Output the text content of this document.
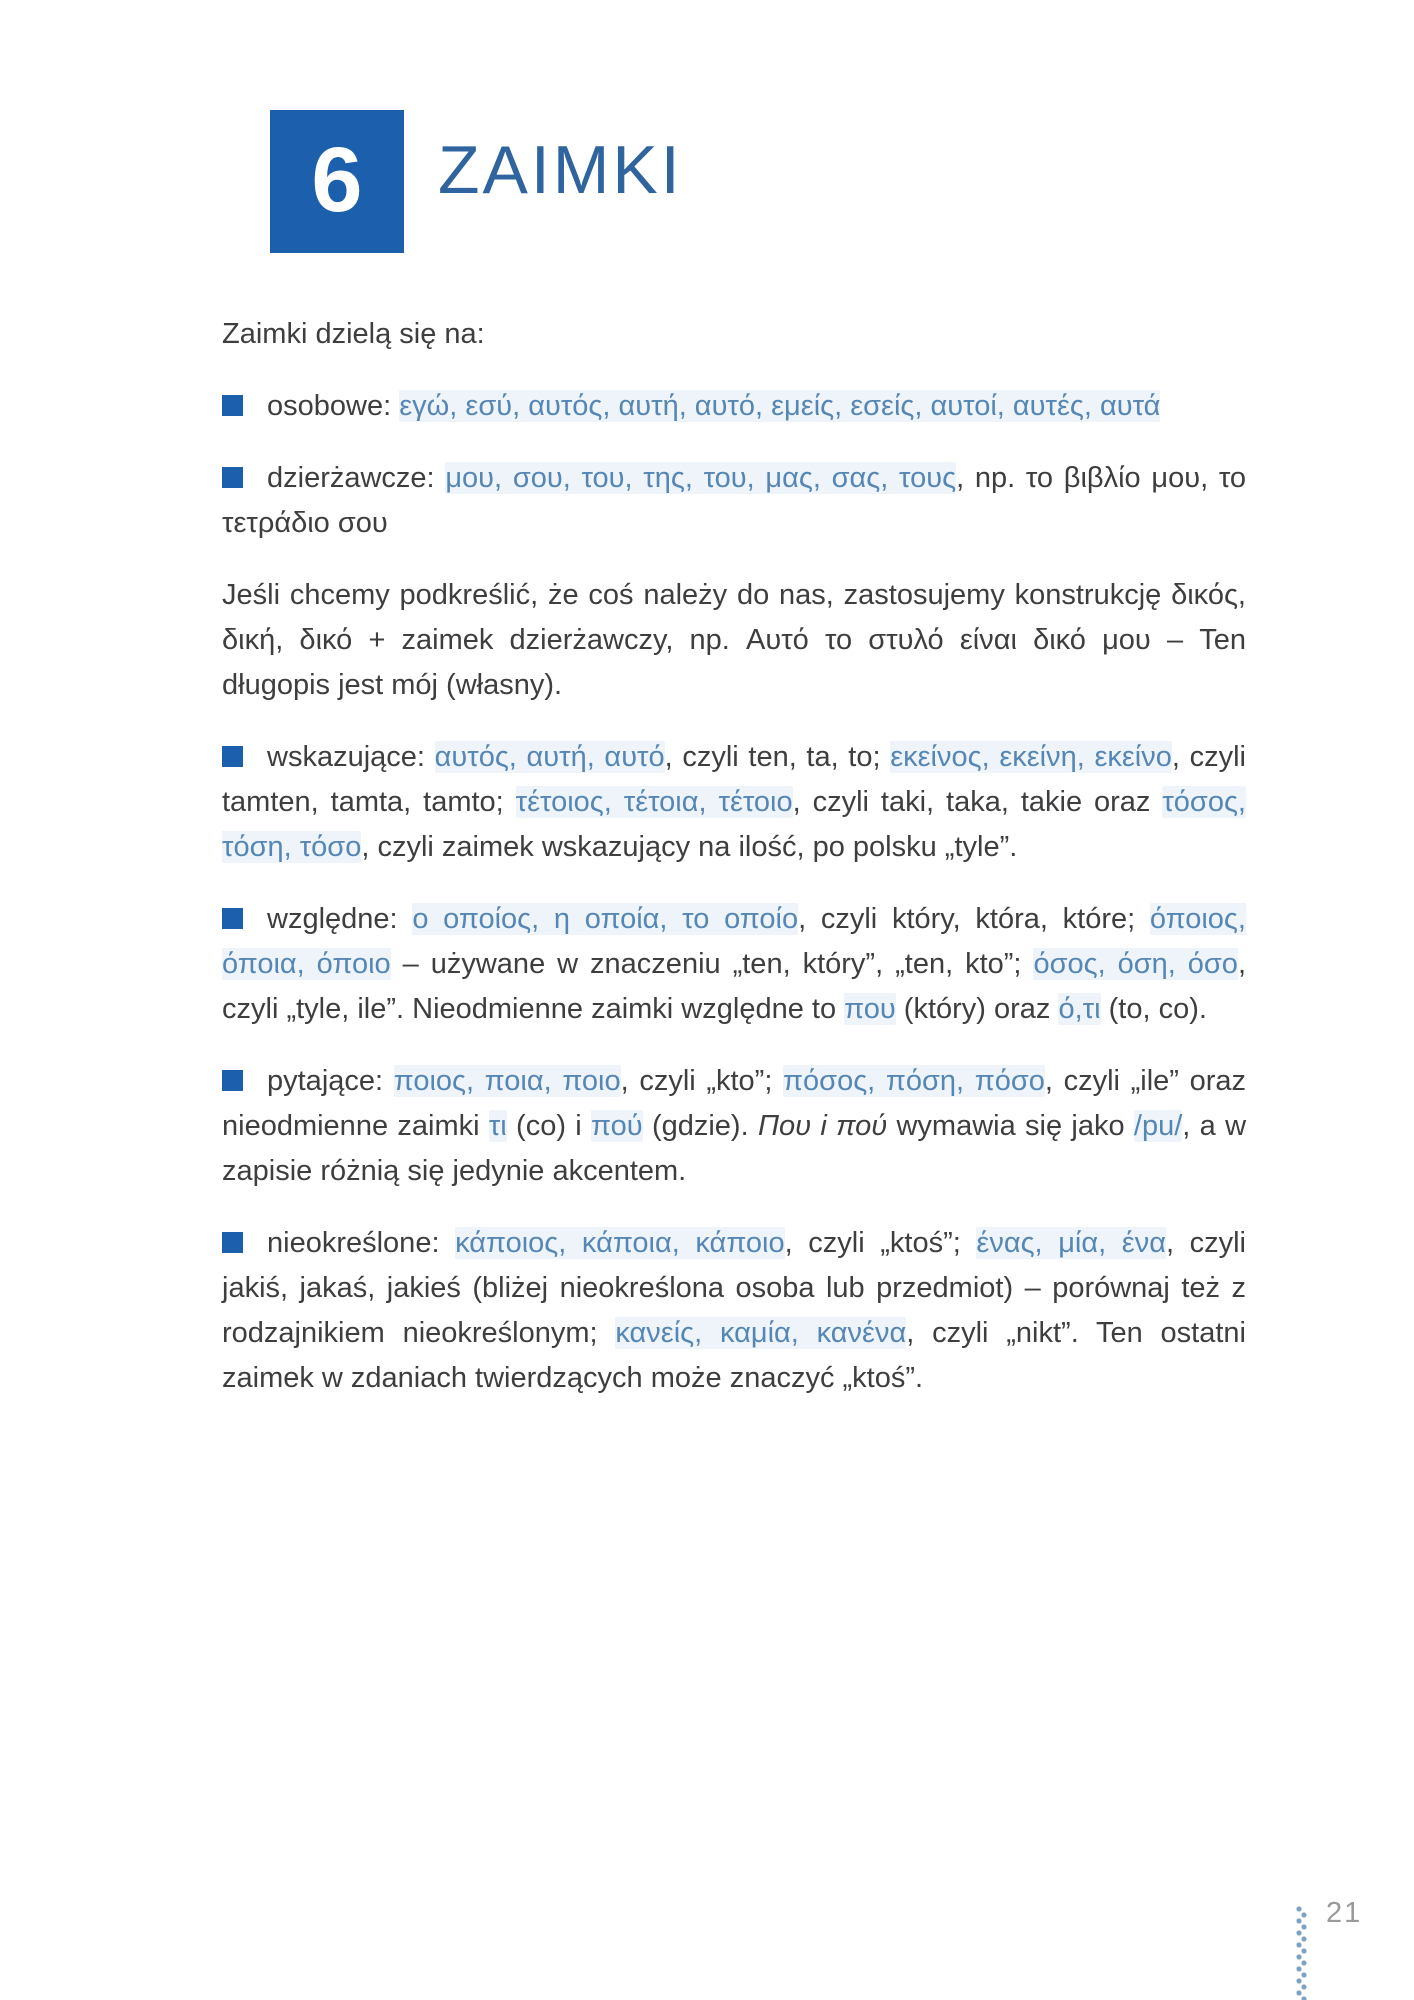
6 ZAIMKI

Zaimki dzielą się na:

osobowe: εγώ, εσύ, αυτός, αυτή, αυτό, εμείς, εσείς, αυτοί, αυτές, αυτά

dzierżawcze: μου, σου, του, της, του, μας, σας, τους, np. το βιβλίο μου, το τετράδιο σου

Jeśli chcemy podkreślić, że coś należy do nas, zastosujemy konstrukcję δικός, δική, δικό + zaimek dzierżawczy, np. Αυτό το στυλό είναι δικό μου – Ten długopis jest mój (własny).

wskazujące: αυτός, αυτή, αυτό, czyli ten, ta, to; εκείνος, εκείνη, εκείνο, czyli tamten, tamta, tamto; τέτοιος, τέτοια, τέτοιο, czyli taki, taka, takie oraz τόσος, τόση, τόσο, czyli zaimek wskazujący na ilość, po polsku „tyle”.

względne: ο οποίος, η οποία, το οποίο, czyli który, która, które; όποιος, όποια, όποιο – używane w znaczeniu „ten, który”, „ten, kto”; όσος, όση, όσο, czyli „tyle, ile”. Nieodmienne zaimki względne to που (który) oraz ό,τι (to, co).

pytające: ποιος, ποια, ποιο, czyli „kto”; πόσος, πόση, πόσο, czyli „ile” oraz nieodmienne zaimki τι (co) i πού (gdzie). Που i πού wymawia się jako /pu/, a w zapisie różnią się jedynie akcentem.

nieokreślone: κάποιος, κάποια, κάποιο, czyli „ktoś”; ένας, μία, ένα, czyli jakiś, jakaś, jakieś (bliżej nieokreślona osoba lub przedmiot) – porównaj też z rodzajnikiem nieokreślonym; κανείς, καμία, κανένα, czyli „nikt”. Ten ostatni zaimek w zdaniach twierdzących może znaczyć „ktoś”.

21
